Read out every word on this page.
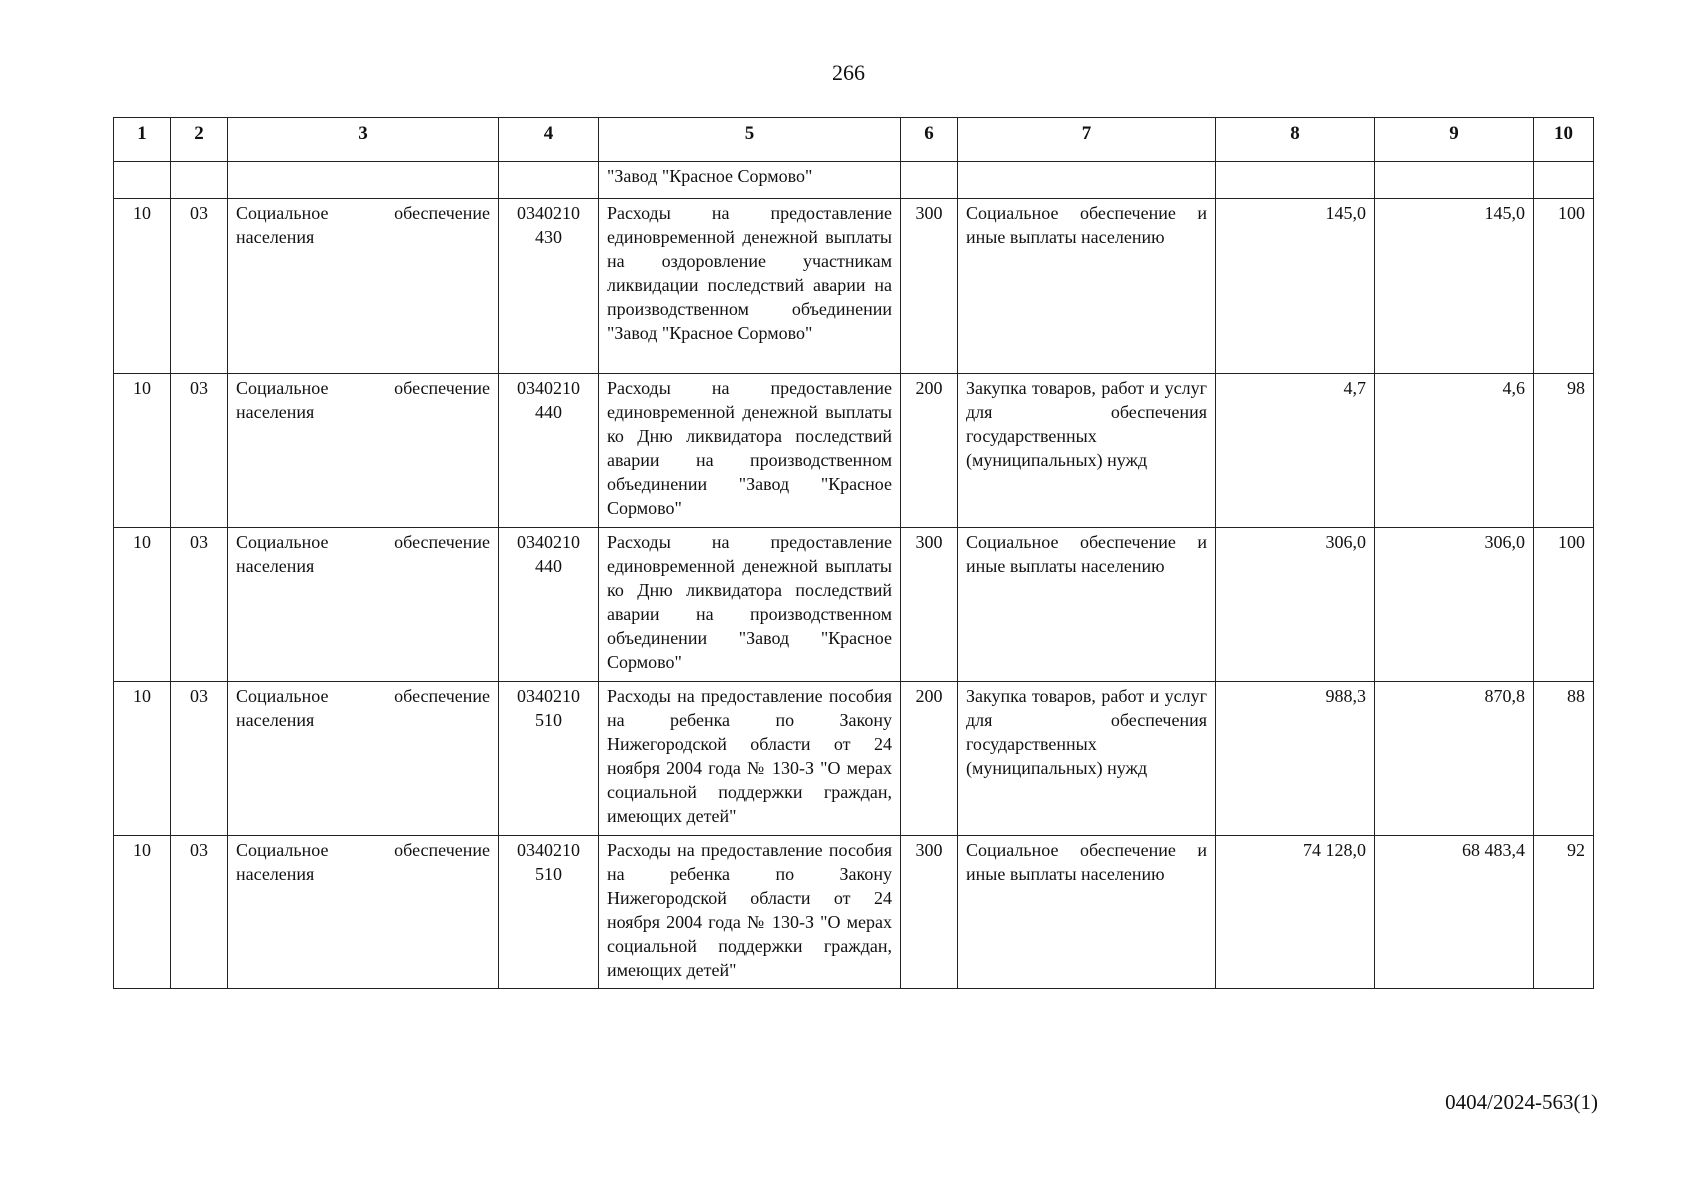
266
1	2	3	4	5	6	7	8	9	10
				"Завод "Красное Сормово"					
10	03	Социальное обеспечение населения	0340210 430	Расходы на предоставление единовременной денежной выплаты на оздоровление участникам ликвидации последствий аварии на производственном объединении "Завод "Красное Сормово"	300	Социальное обеспечение и иные выплаты населению	145,0	145,0	100
10	03	Социальное обеспечение населения	0340210 440	Расходы на предоставление единовременной денежной выплаты ко Дню ликвидатора последствий аварии на производственном объединении "Завод "Красное Сормово"	200	Закупка товаров, работ и услуг для обеспечения государственных (муниципальных) нужд	4,7	4,6	98
10	03	Социальное обеспечение населения	0340210 440	Расходы на предоставление единовременной денежной выплаты ко Дню ликвидатора последствий аварии на производственном объединении "Завод "Красное Сормово"	300	Социальное обеспечение и иные выплаты населению	306,0	306,0	100
10	03	Социальное обеспечение населения	0340210 510	Расходы на предоставление пособия на ребенка по Закону Нижегородской области от 24 ноября 2004 года № 130-З "О мерах социальной поддержки граждан, имеющих детей"	200	Закупка товаров, работ и услуг для обеспечения государственных (муниципальных) нужд	988,3	870,8	88
10	03	Социальное обеспечение населения	0340210 510	Расходы на предоставление пособия на ребенка по Закону Нижегородской области от 24 ноября 2004 года № 130-З "О мерах социальной поддержки граждан, имеющих детей"	300	Социальное обеспечение и иные выплаты населению	74 128,0	68 483,4	92
0404/2024-563(1)
